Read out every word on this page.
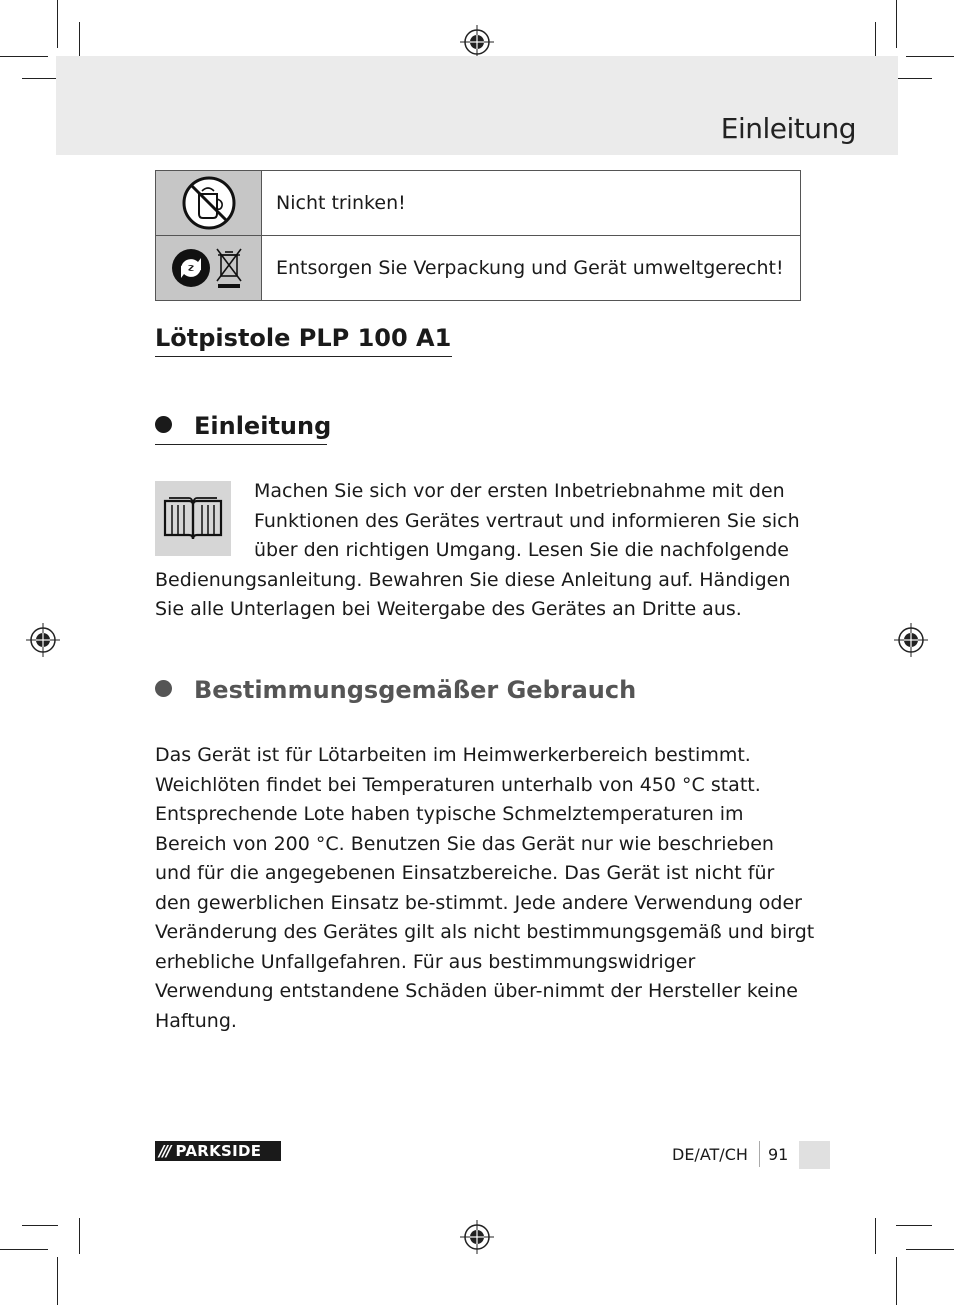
Einleitung
	Nicht trinken!
	Entsorgen Sie Verpackung und Gerät umweltgerecht!
Lötpistole PLP 100 A1
Einleitung
Machen Sie sich vor der ersten Inbetriebnahme mit den Funktionen des Gerätes vertraut und informieren Sie sich über den richtigen Umgang. Lesen Sie die nachfolgende Bedienungsanleitung. Bewahren Sie diese Anleitung auf. Händigen Sie alle Unterlagen bei Weitergabe des Gerätes an Dritte aus.
Bestimmungsgemäßer Gebrauch
Das Gerät ist für Lötarbeiten im Heimwerkerbereich bestimmt. Weichlöten findet bei Temperaturen unterhalb von 450 °C statt. Entsprechende Lote haben typische Schmelztemperaturen im Bereich von 200 °C. Benutzen Sie das Gerät nur wie beschrieben und für die angegebenen Einsatzbereiche. Das Gerät ist nicht für den gewerblichen Einsatz be-stimmt. Jede andere Verwendung oder Veränderung des Gerätes gilt als nicht bestimmungsgemäß und birgt erhebliche Unfallgefahren. Für aus bestimmungswidriger Verwendung entstandene Schäden über-nimmt der Hersteller keine Haftung.
/// PARKSIDE	DE/AT/CH 91
